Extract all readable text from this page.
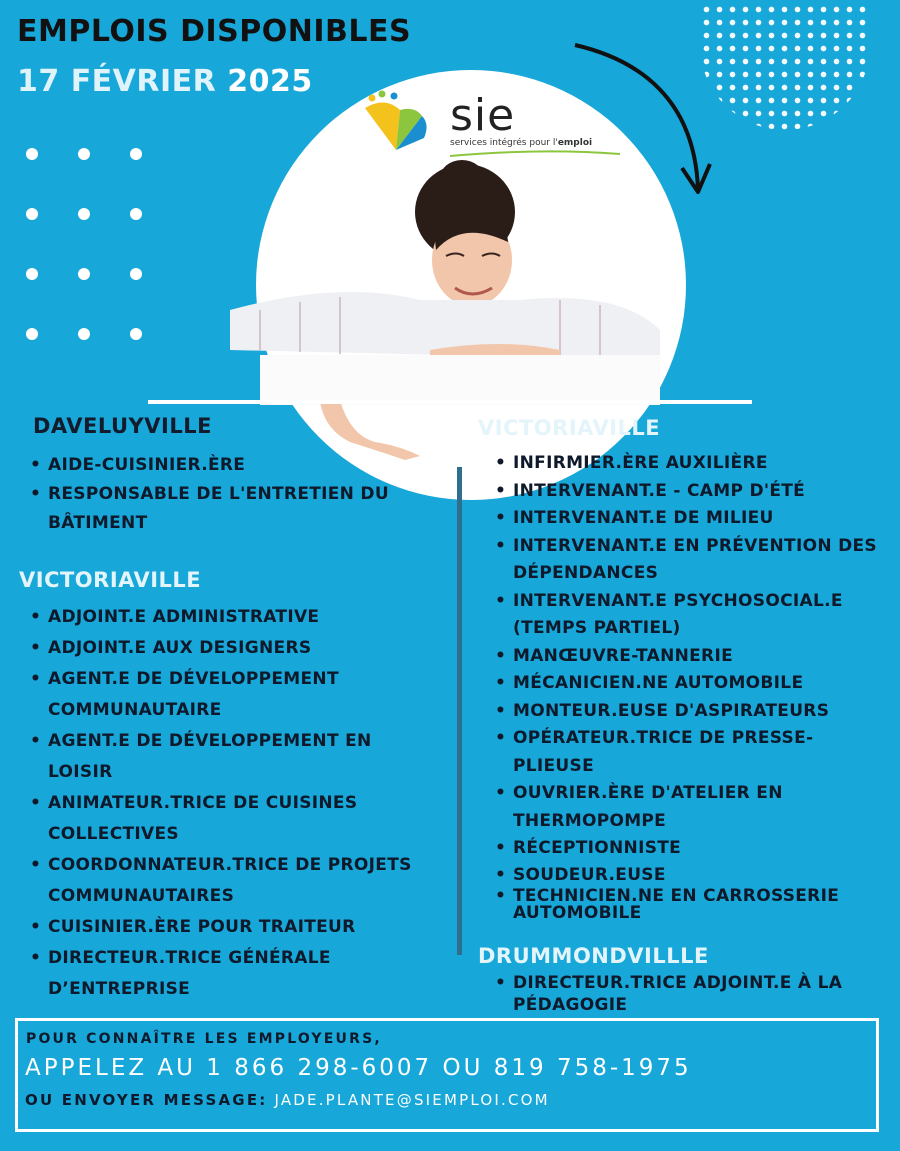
EMPLOIS DISPONIBLES
17 FÉVRIER 2025
sie
services intégrés pour l'emploi
DAVELUYVILLE
• AIDE-CUISINIER.ÈRE
• RESPONSABLE DE L'ENTRETIEN DU BÂTIMENT
VICTORIAVILLE
• ADJOINT.E ADMINISTRATIVE
• ADJOINT.E AUX DESIGNERS
• AGENT.E DE DÉVELOPPEMENT COMMUNAUTAIRE
• AGENT.E DE DÉVELOPPEMENT EN LOISIR
• ANIMATEUR.TRICE DE CUISINES COLLECTIVES
• COORDONNATEUR.TRICE DE PROJETS COMMUNAUTAIRES
• CUISINIER.ÈRE POUR TRAITEUR
• DIRECTEUR.TRICE GÉNÉRALE D’ENTREPRISE
VICTORIAVILLE
• INFIRMIER.ÈRE AUXILIÈRE
• INTERVENANT.E - CAMP D'ÉTÉ
• INTERVENANT.E DE MILIEU
• INTERVENANT.E EN PRÉVENTION DES DÉPENDANCES
• INTERVENANT.E PSYCHOSOCIAL.E (TEMPS PARTIEL)
• MANŒUVRE-TANNERIE
• MÉCANICIEN.NE AUTOMOBILE
• MONTEUR.EUSE D'ASPIRATEURS
• OPÉRATEUR.TRICE DE PRESSE-PLIEUSE
• OUVRIER.ÈRE D'ATELIER EN THERMOPOMPE
• RÉCEPTIONNISTE
• SOUDEUR.EUSE
• TECHNICIEN.NE EN CARROSSERIE AUTOMOBILE
DRUMMONDVILLLE
• DIRECTEUR.TRICE ADJOINT.E À LA PÉDAGOGIE
POUR CONNAÎTRE LES EMPLOYEURS,
APPELEZ AU 1 866 298-6007 OU 819 758-1975
OU ENVOYER MESSAGE: JADE.PLANTE@SIEMPLOI.COM
